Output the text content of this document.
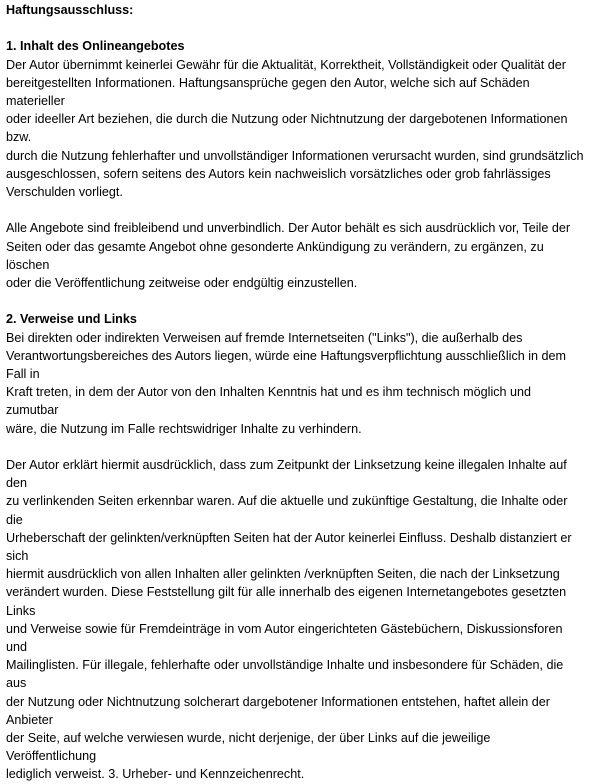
Haftungsausschluss:
1. Inhalt des Onlineangebotes

Der Autor übernimmt keinerlei Gewähr für die Aktualität, Korrektheit, Vollständigkeit oder Qualität der
bereitgestellten Informationen. Haftungsansprüche gegen den Autor, welche sich auf Schäden materieller
oder ideeller Art beziehen, die durch die Nutzung oder Nichtnutzung der dargebotenen Informationen bzw.
durch die Nutzung fehlerhafter und unvollständiger Informationen verursacht wurden, sind grundsätzlich
ausgeschlossen, sofern seitens des Autors kein nachweislich vorsätzliches oder grob fahrlässiges
Verschulden vorliegt.

Alle Angebote sind freibleibend und unverbindlich. Der Autor behält es sich ausdrücklich vor, Teile der
Seiten oder das gesamte Angebot ohne gesonderte Ankündigung zu verändern, zu ergänzen, zu löschen
oder die Veröffentlichung zeitweise oder endgültig einzustellen.

2. Verweise und Links

Bei direkten oder indirekten Verweisen auf fremde Internetseiten ("Links"), die außerhalb des
Verantwortungsbereiches des Autors liegen, würde eine Haftungsverpflichtung ausschließlich in dem Fall in
Kraft treten, in dem der Autor von den Inhalten Kenntnis hat und es ihm technisch möglich und zumutbar
wäre, die Nutzung im Falle rechtswidriger Inhalte zu verhindern.

Der Autor erklärt hiermit ausdrücklich, dass zum Zeitpunkt der Linksetzung keine illegalen Inhalte auf den
zu verlinkenden Seiten erkennbar waren. Auf die aktuelle und zukünftige Gestaltung, die Inhalte oder die
Urheberschaft der gelinkten/verknüpften Seiten hat der Autor keinerlei Einfluss. Deshalb distanziert er sich
hiermit ausdrücklich von allen Inhalten aller gelinkten /verknüpften Seiten, die nach der Linksetzung
verändert wurden. Diese Feststellung gilt für alle innerhalb des eigenen Internetangebotes gesetzten Links
und Verweise sowie für Fremdeinträge in vom Autor eingerichteten Gästebüchern, Diskussionsforen und
Mailinglisten. Für illegale, fehlerhafte oder unvollständige Inhalte und insbesondere für Schäden, die aus
der Nutzung oder Nichtnutzung solcherart dargebotener Informationen entstehen, haftet allein der Anbieter
der Seite, auf welche verwiesen wurde, nicht derjenige, der über Links auf die jeweilige Veröffentlichung
lediglich verweist. 3. Urheber- und Kennzeichenrecht.
